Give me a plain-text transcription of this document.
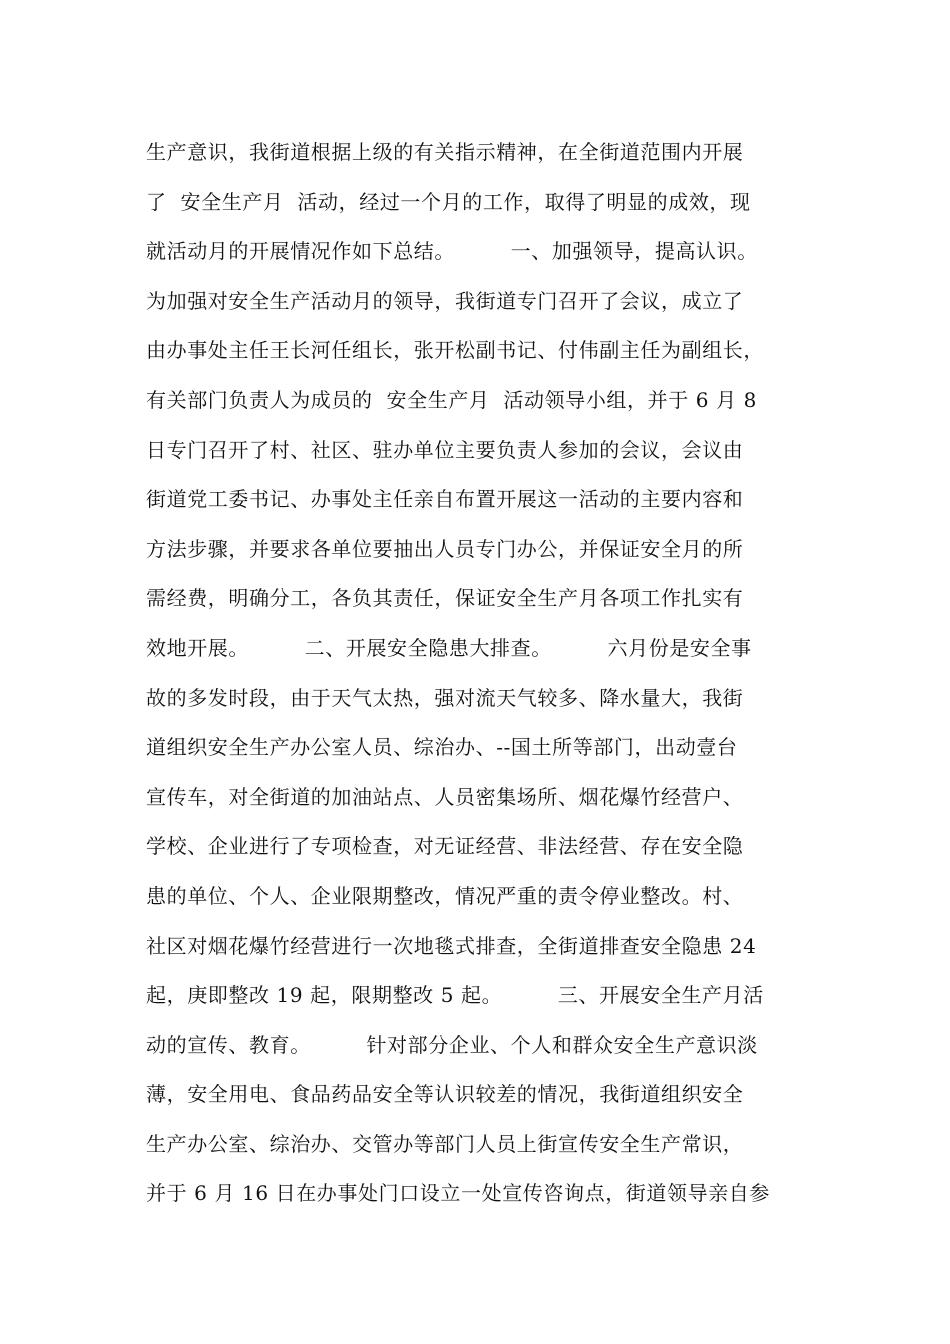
生产意识，我街道根据上级的有关指示精神，在全街道范围内开展
了  安全生产月  活动，经过一个月的工作，取得了明显的成效，现
就活动月的开展情况作如下总结。        一、加强领导，提高认识。
为加强对安全生产活动月的领导，我街道专门召开了会议，成立了
由办事处主任王长河任组长，张开松副书记、付伟副主任为副组长，
有关部门负责人为成员的  安全生产月  活动领导小组，并于 6 月 8
日专门召开了村、社区、驻办单位主要负责人参加的会议，会议由
街道党工委书记、办事处主任亲自布置开展这一活动的主要内容和
方法步骤，并要求各单位要抽出人员专门办公，并保证安全月的所
需经费，明确分工，各负其责任，保证安全生产月各项工作扎实有
效地开展。        二、开展安全隐患大排查。        六月份是安全事
故的多发时段，由于天气太热，强对流天气较多、降水量大，我街
道组织安全生产办公室人员、综治办、--国土所等部门，出动壹台
宣传车，对全街道的加油站点、人员密集场所、烟花爆竹经营户、
学校、企业进行了专项检查，对无证经营、非法经营、存在安全隐
患的单位、个人、企业限期整改，情况严重的责令停业整改。村、
社区对烟花爆竹经营进行一次地毯式排查，全街道排查安全隐患 24
起，庚即整改 19 起，限期整改 5 起。        三、开展安全生产月活
动的宣传、教育。        针对部分企业、个人和群众安全生产意识淡
薄，安全用电、食品药品安全等认识较差的情况，我街道组织安全
生产办公室、综治办、交管办等部门人员上街宣传安全生产常识，
并于 6 月 16 日在办事处门口设立一处宣传咨询点，街道领导亲自参
